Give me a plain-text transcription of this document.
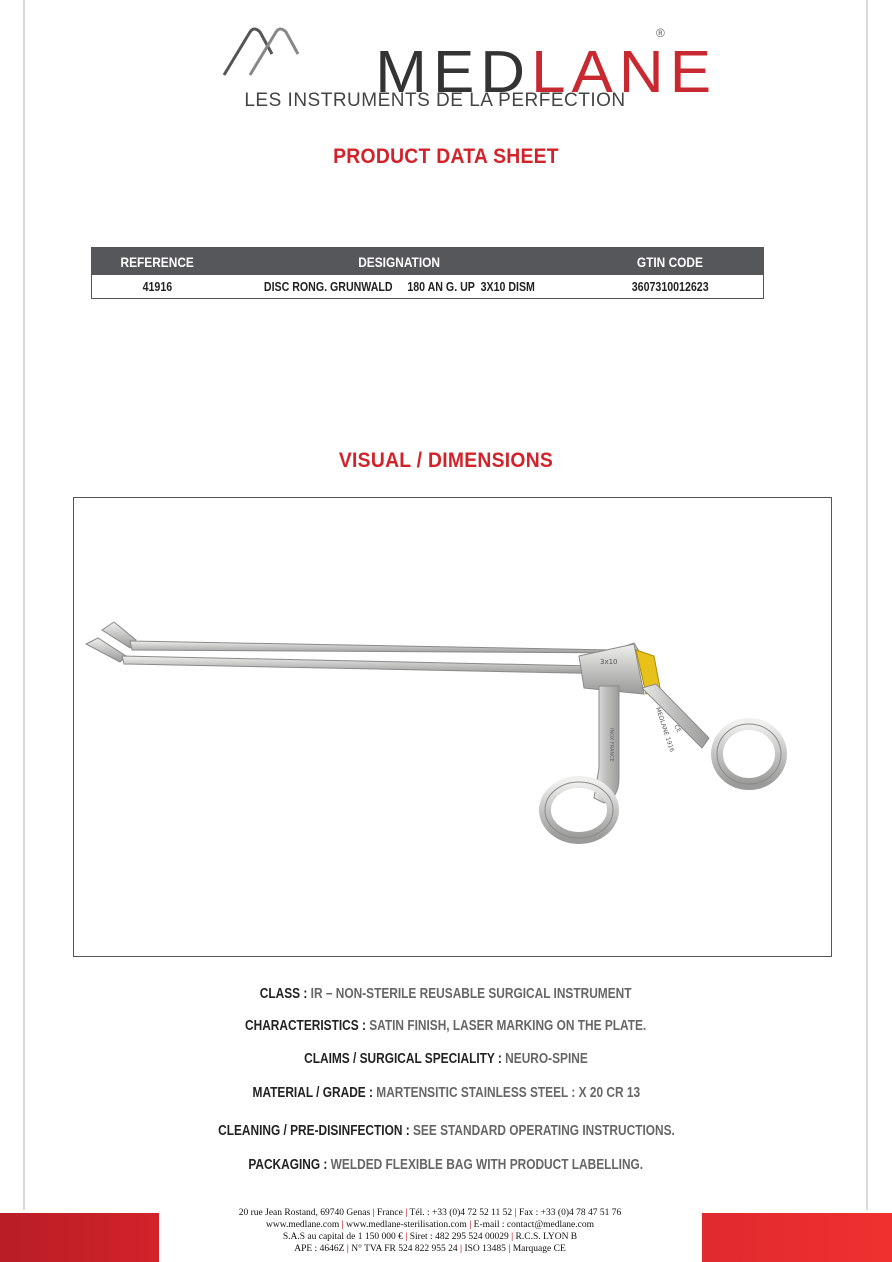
MEDLANE
®
LES INSTRUMENTS DE LA PERFECTION
PRODUCT DATA SHEET
REFERENCE	DESIGNATION	GTIN CODE
41916	DISC RONG. GRUNWALD     180 AN G. UP  3X10 DISM	3607310012623
VISUAL / DIMENSIONS
3x10
MEDLANE 1916
INOX FRANCE	CE
CLASS : IR – NON-STERILE REUSABLE SURGICAL INSTRUMENT
CHARACTERISTICS : SATIN FINISH, LASER MARKING ON THE PLATE.
CLAIMS / SURGICAL SPECIALITY : NEURO-SPINE
MATERIAL / GRADE : MARTENSITIC STAINLESS STEEL : X 20 CR 13
CLEANING / PRE-DISINFECTION : SEE STANDARD OPERATING INSTRUCTIONS.
PACKAGING : WELDED FLEXIBLE BAG WITH PRODUCT LABELLING.
20 rue Jean Rostand, 69740 Genas | France | Tél. : +33 (0)4 72 52 11 52 | Fax : +33 (0)4 78 47 51 76
www.medlane.com | www.medlane-sterilisation.com | E-mail : contact@medlane.com
S.A.S au capital de 1 150 000 € | Siret : 482 295 524 00029 | R.C.S. LYON B
APE : 4646Z | N° TVA FR 524 822 955 24 | ISO 13485 | Marquage CE
